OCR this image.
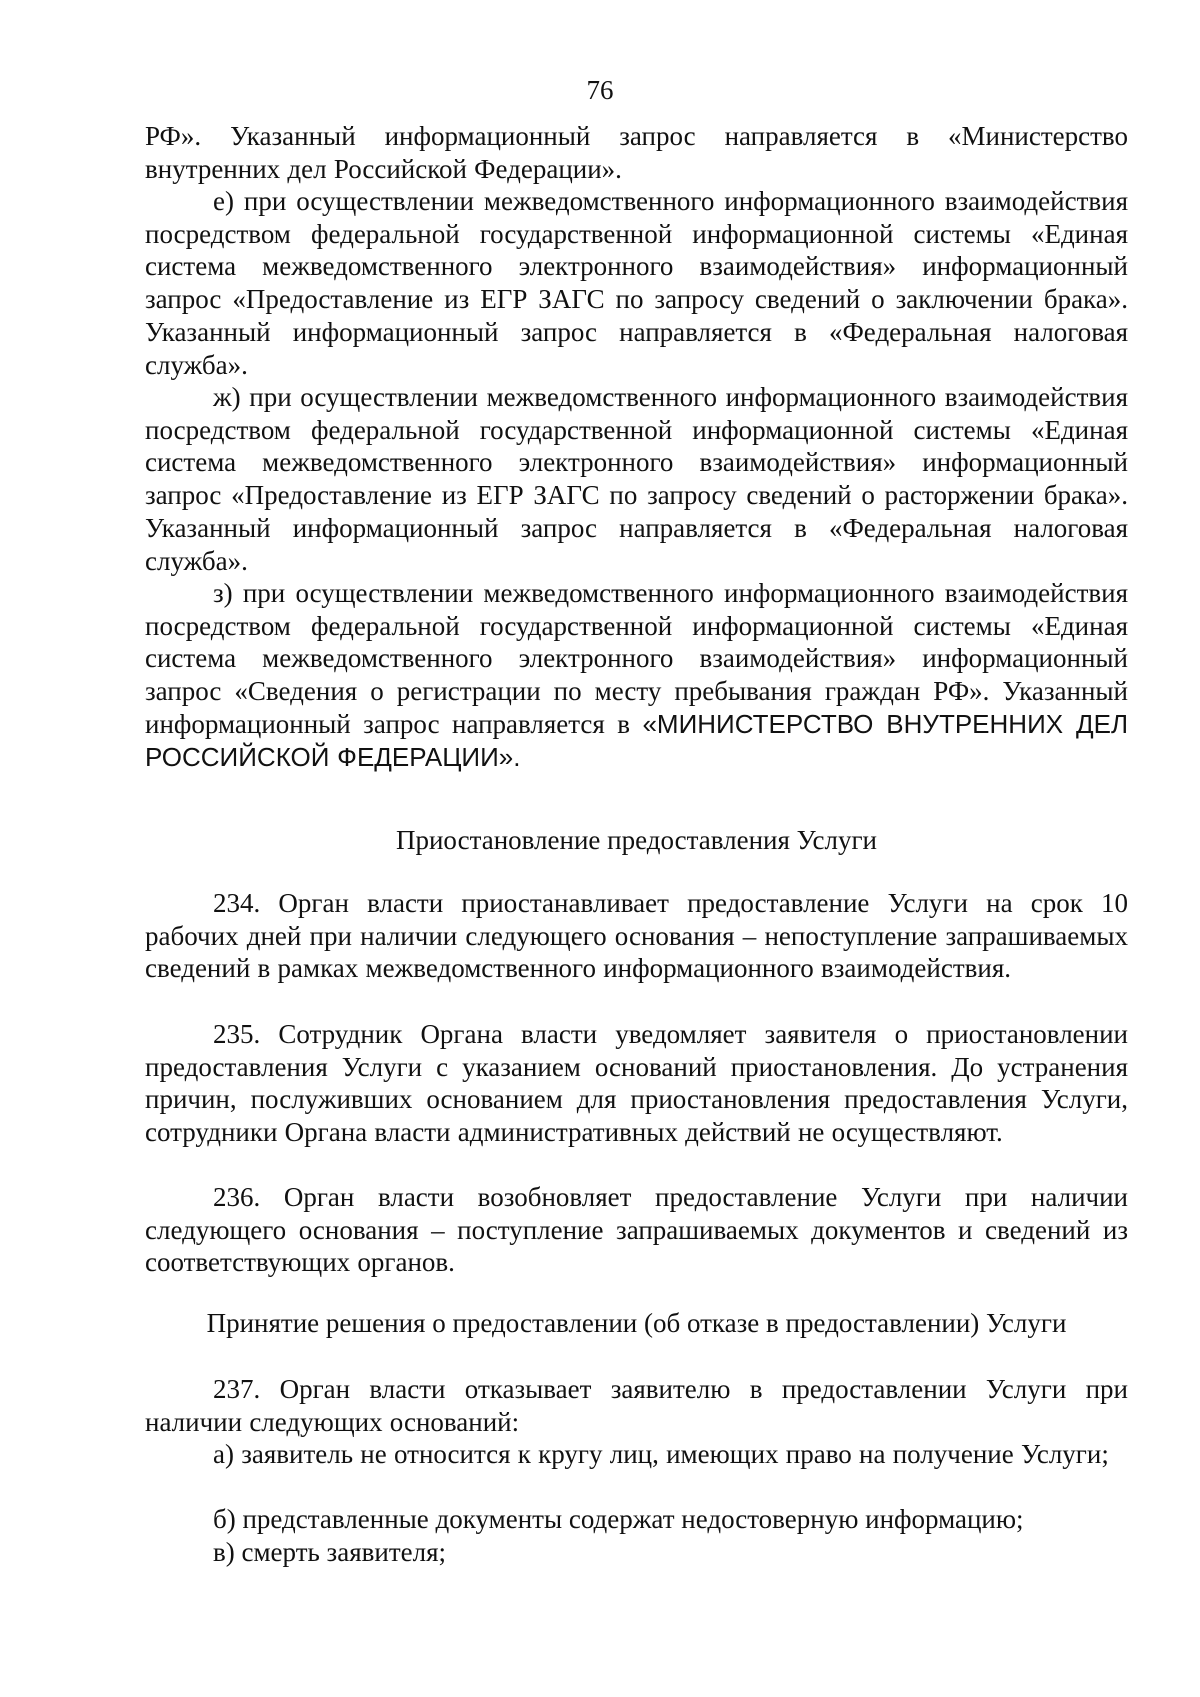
76

РФ». Указанный информационный запрос направляется в «Министерство внутренних дел Российской Федерации».

е) при осуществлении межведомственного информационного взаимодействия посредством федеральной государственной информационной системы «Единая система межведомственного электронного взаимодействия» информационный запрос «Предоставление из ЕГР ЗАГС по запросу сведений о заключении брака». Указанный информационный запрос направляется в «Федеральная налоговая служба».

ж) при осуществлении межведомственного информационного взаимодействия посредством федеральной государственной информационной системы «Единая система межведомственного электронного взаимодействия» информационный запрос «Предоставление из ЕГР ЗАГС по запросу сведений о расторжении брака». Указанный информационный запрос направляется в «Федеральная налоговая служба».

з) при осуществлении межведомственного информационного взаимодействия посредством федеральной государственной информационной системы «Единая система межведомственного электронного взаимодействия» информационный запрос «Сведения о регистрации по месту пребывания граждан РФ». Указанный информационный запрос направляется в «МИНИСТЕРСТВО ВНУТРЕННИХ ДЕЛ РОССИЙСКОЙ ФЕДЕРАЦИИ».

Приостановление предоставления Услуги

234. Орган власти приостанавливает предоставление Услуги на срок 10 рабочих дней при наличии следующего основания – непоступление запрашиваемых сведений в рамках межведомственного информационного взаимодействия.

235. Сотрудник Органа власти уведомляет заявителя о приостановлении предоставления Услуги с указанием оснований приостановления. До устранения причин, послуживших основанием для приостановления предоставления Услуги, сотрудники Органа власти административных действий не осуществляют.

236. Орган власти возобновляет предоставление Услуги при наличии следующего основания – поступление запрашиваемых документов и сведений из соответствующих органов.

Принятие решения о предоставлении (об отказе в предоставлении) Услуги

237. Орган власти отказывает заявителю в предоставлении Услуги при наличии следующих оснований:

а) заявитель не относится к кругу лиц, имеющих право на получение Услуги;

б) представленные документы содержат недостоверную информацию;

в) смерть заявителя;
